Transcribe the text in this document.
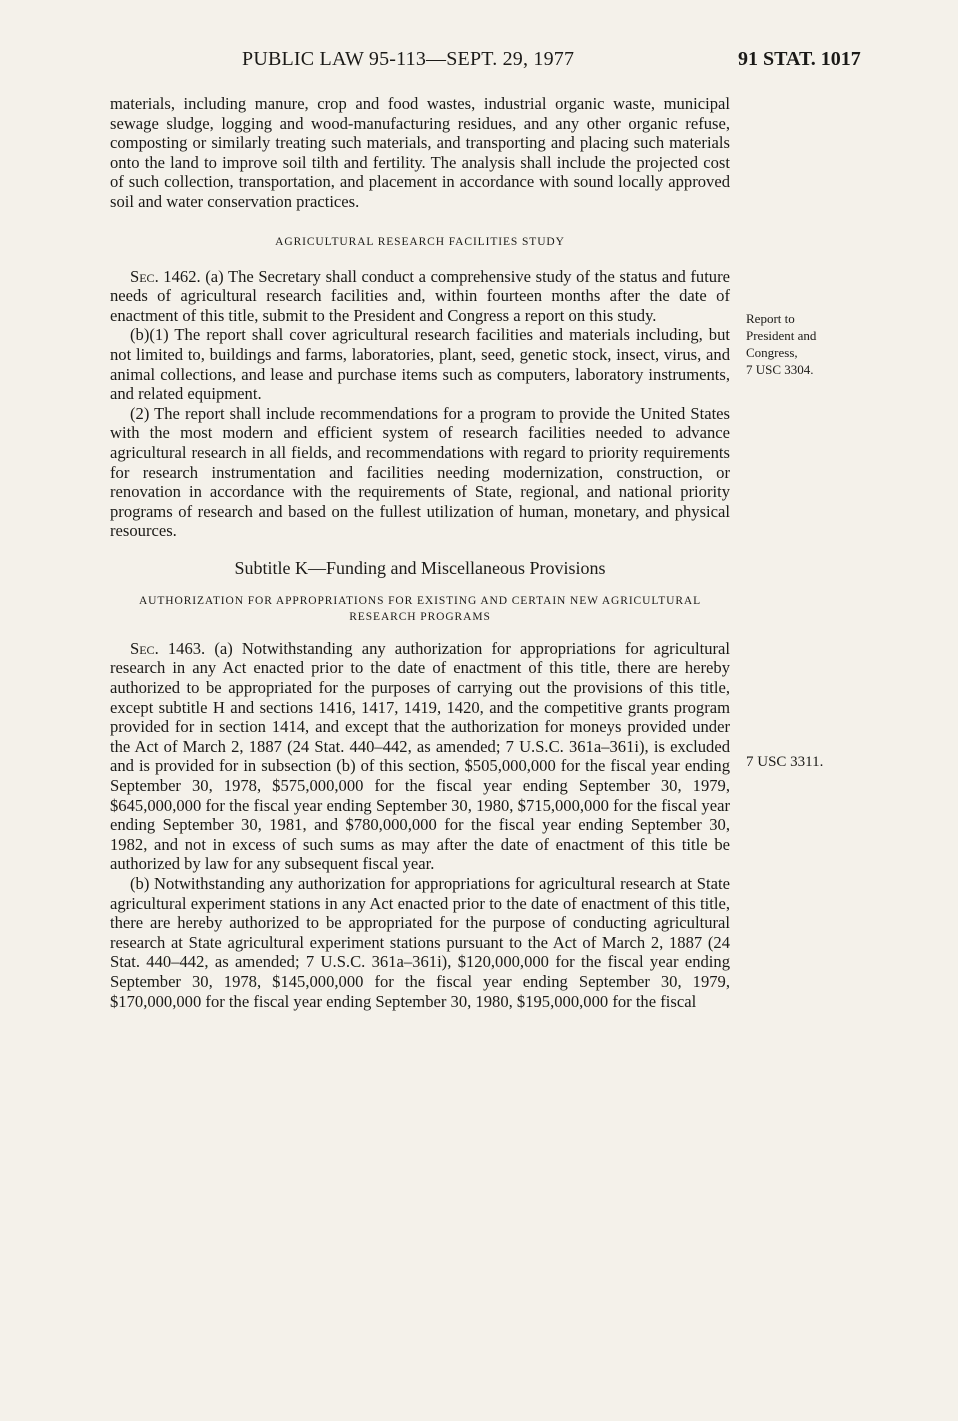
PUBLIC LAW 95-113—SEPT. 29, 1977	91 STAT. 1017

materials, including manure, crop and food wastes, industrial organic waste, municipal sewage sludge, logging and wood-manufacturing residues, and any other organic refuse, composting or similarly treating such materials, and transporting and placing such materials onto the land to improve soil tilth and fertility. The analysis shall include the projected cost of such collection, transportation, and placement in accordance with sound locally approved soil and water conservation practices.

AGRICULTURAL RESEARCH FACILITIES STUDY

Sec. 1462. (a) The Secretary shall conduct a comprehensive study of the status and future needs of agricultural research facilities and, within fourteen months after the date of enactment of this title, submit to the President and Congress a report on this study.

(b)(1) The report shall cover agricultural research facilities and materials including, but not limited to, buildings and farms, laboratories, plant, seed, genetic stock, insect, virus, and animal collections, and lease and purchase items such as computers, laboratory instruments, and related equipment.

(2) The report shall include recommendations for a program to provide the United States with the most modern and efficient system of research facilities needed to advance agricultural research in all fields, and recommendations with regard to priority requirements for research instrumentation and facilities needing modernization, construction, or renovation in accordance with the requirements of State, regional, and national priority programs of research and based on the fullest utilization of human, monetary, and physical resources.

Subtitle K—Funding and Miscellaneous Provisions

AUTHORIZATION FOR APPROPRIATIONS FOR EXISTING AND CERTAIN NEW AGRICULTURAL RESEARCH PROGRAMS

Sec. 1463. (a) Notwithstanding any authorization for appropriations for agricultural research in any Act enacted prior to the date of enactment of this title, there are hereby authorized to be appropriated for the purposes of carrying out the provisions of this title, except subtitle H and sections 1416, 1417, 1419, 1420, and the competitive grants program provided for in section 1414, and except that the authorization for moneys provided under the Act of March 2, 1887 (24 Stat. 440–442, as amended; 7 U.S.C. 361a–361i), is excluded and is provided for in subsection (b) of this section, $505,000,000 for the fiscal year ending September 30, 1978, $575,000,000 for the fiscal year ending September 30, 1979, $645,000,000 for the fiscal year ending September 30, 1980, $715,000,000 for the fiscal year ending September 30, 1981, and $780,000,000 for the fiscal year ending September 30, 1982, and not in excess of such sums as may after the date of enactment of this title be authorized by law for any subsequent fiscal year.

(b) Notwithstanding any authorization for appropriations for agricultural research at State agricultural experiment stations in any Act enacted prior to the date of enactment of this title, there are hereby authorized to be appropriated for the purpose of conducting agricultural research at State agricultural experiment stations pursuant to the Act of March 2, 1887 (24 Stat. 440–442, as amended; 7 U.S.C. 361a–361i), $120,000,000 for the fiscal year ending September 30, 1978, $145,000,000 for the fiscal year ending September 30, 1979, $170,000,000 for the fiscal year ending September 30, 1980, $195,000,000 for the fiscal

Report to
President and
Congress,
7 USC 3304.
7 USC 3311.
